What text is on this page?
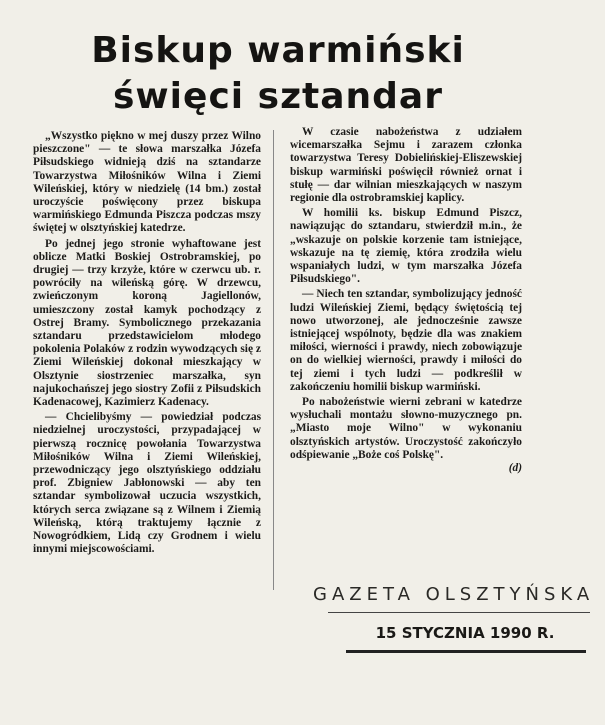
Biskup warmiński
święci sztandar

„Wszystko piękno w mej duszy przez Wilno pieszczone" — te słowa marszałka Józefa Piłsudskiego widnieją dziś na sztandarze Towarzystwa Miłośników Wilna i Ziemi Wileńskiej, który w niedzielę (14 bm.) został uroczyście poświęcony przez biskupa warmińskiego Edmunda Piszcza podczas mszy świętej w olsztyńskiej katedrze.

Po jednej jego stronie wyhaftowane jest oblicze Matki Boskiej Ostrobramskiej, po drugiej — trzy krzyże, które w czerwcu ub. r. powróciły na wileńską górę. W drzewcu, zwieńczonym koroną Jagiellonów, umieszczony został kamyk pochodzący z Ostrej Bramy. Symbolicznego przekazania sztandaru przedstawicielom młodego pokolenia Polaków z rodzin wywodzących się z Ziemi Wileńskiej dokonał mieszkający w Olsztynie siostrzeniec marszałka, syn najukochańszej jego siostry Zofii z Piłsudskich Kadenacowej, Kazimierz Kadenacy.

— Chcielibyśmy — powiedział podczas niedzielnej uroczystości, przypadającej w pierwszą rocznicę powołania Towarzystwa Miłośników Wilna i Ziemi Wileńskiej, przewodniczący jego olsztyńskiego oddziału prof. Zbigniew Jabłonowski — aby ten sztandar symbolizował uczucia wszystkich, których serca związane są z Wilnem i Ziemią Wileńską, którą traktujemy łącznie z Nowogródkiem, Lidą czy Grodnem i wielu innymi miejscowościami.

W czasie nabożeństwa z udziałem wicemarszałka Sejmu i zarazem członka towarzystwa Teresy Dobielińskiej-Eliszewskiej biskup warmiński poświęcił również ornat i stułę — dar wilnian mieszkających w naszym regionie dla ostrobramskiej kaplicy.

W homilii ks. biskup Edmund Piszcz, nawiązując do sztandaru, stwierdził m.in., że „wskazuje on polskie korzenie tam istniejące, wskazuje na tę ziemię, która zrodziła wielu wspaniałych ludzi, w tym marszałka Józefa Piłsudskiego".

— Niech ten sztandar, symbolizujący jedność ludzi Wileńskiej Ziemi, będący świętością tej nowo utworzonej, ale jednocześnie zawsze istniejącej wspólnoty, będzie dla was znakiem miłości, wierności i prawdy, niech zobowiązuje on do wielkiej wierności, prawdy i miłości do tej ziemi i tych ludzi — podkreślił w zakończeniu homilii biskup warmiński.

Po nabożeństwie wierni zebrani w katedrze wysłuchali montażu słowno-muzycznego pn. „Miasto moje Wilno" w wykonaniu olsztyńskich artystów. Uroczystość zakończyło odśpiewanie „Boże coś Polskę".

(d)
GAZETA OLSZTYŃSKA
15 STYCZNIA 1990 R.
